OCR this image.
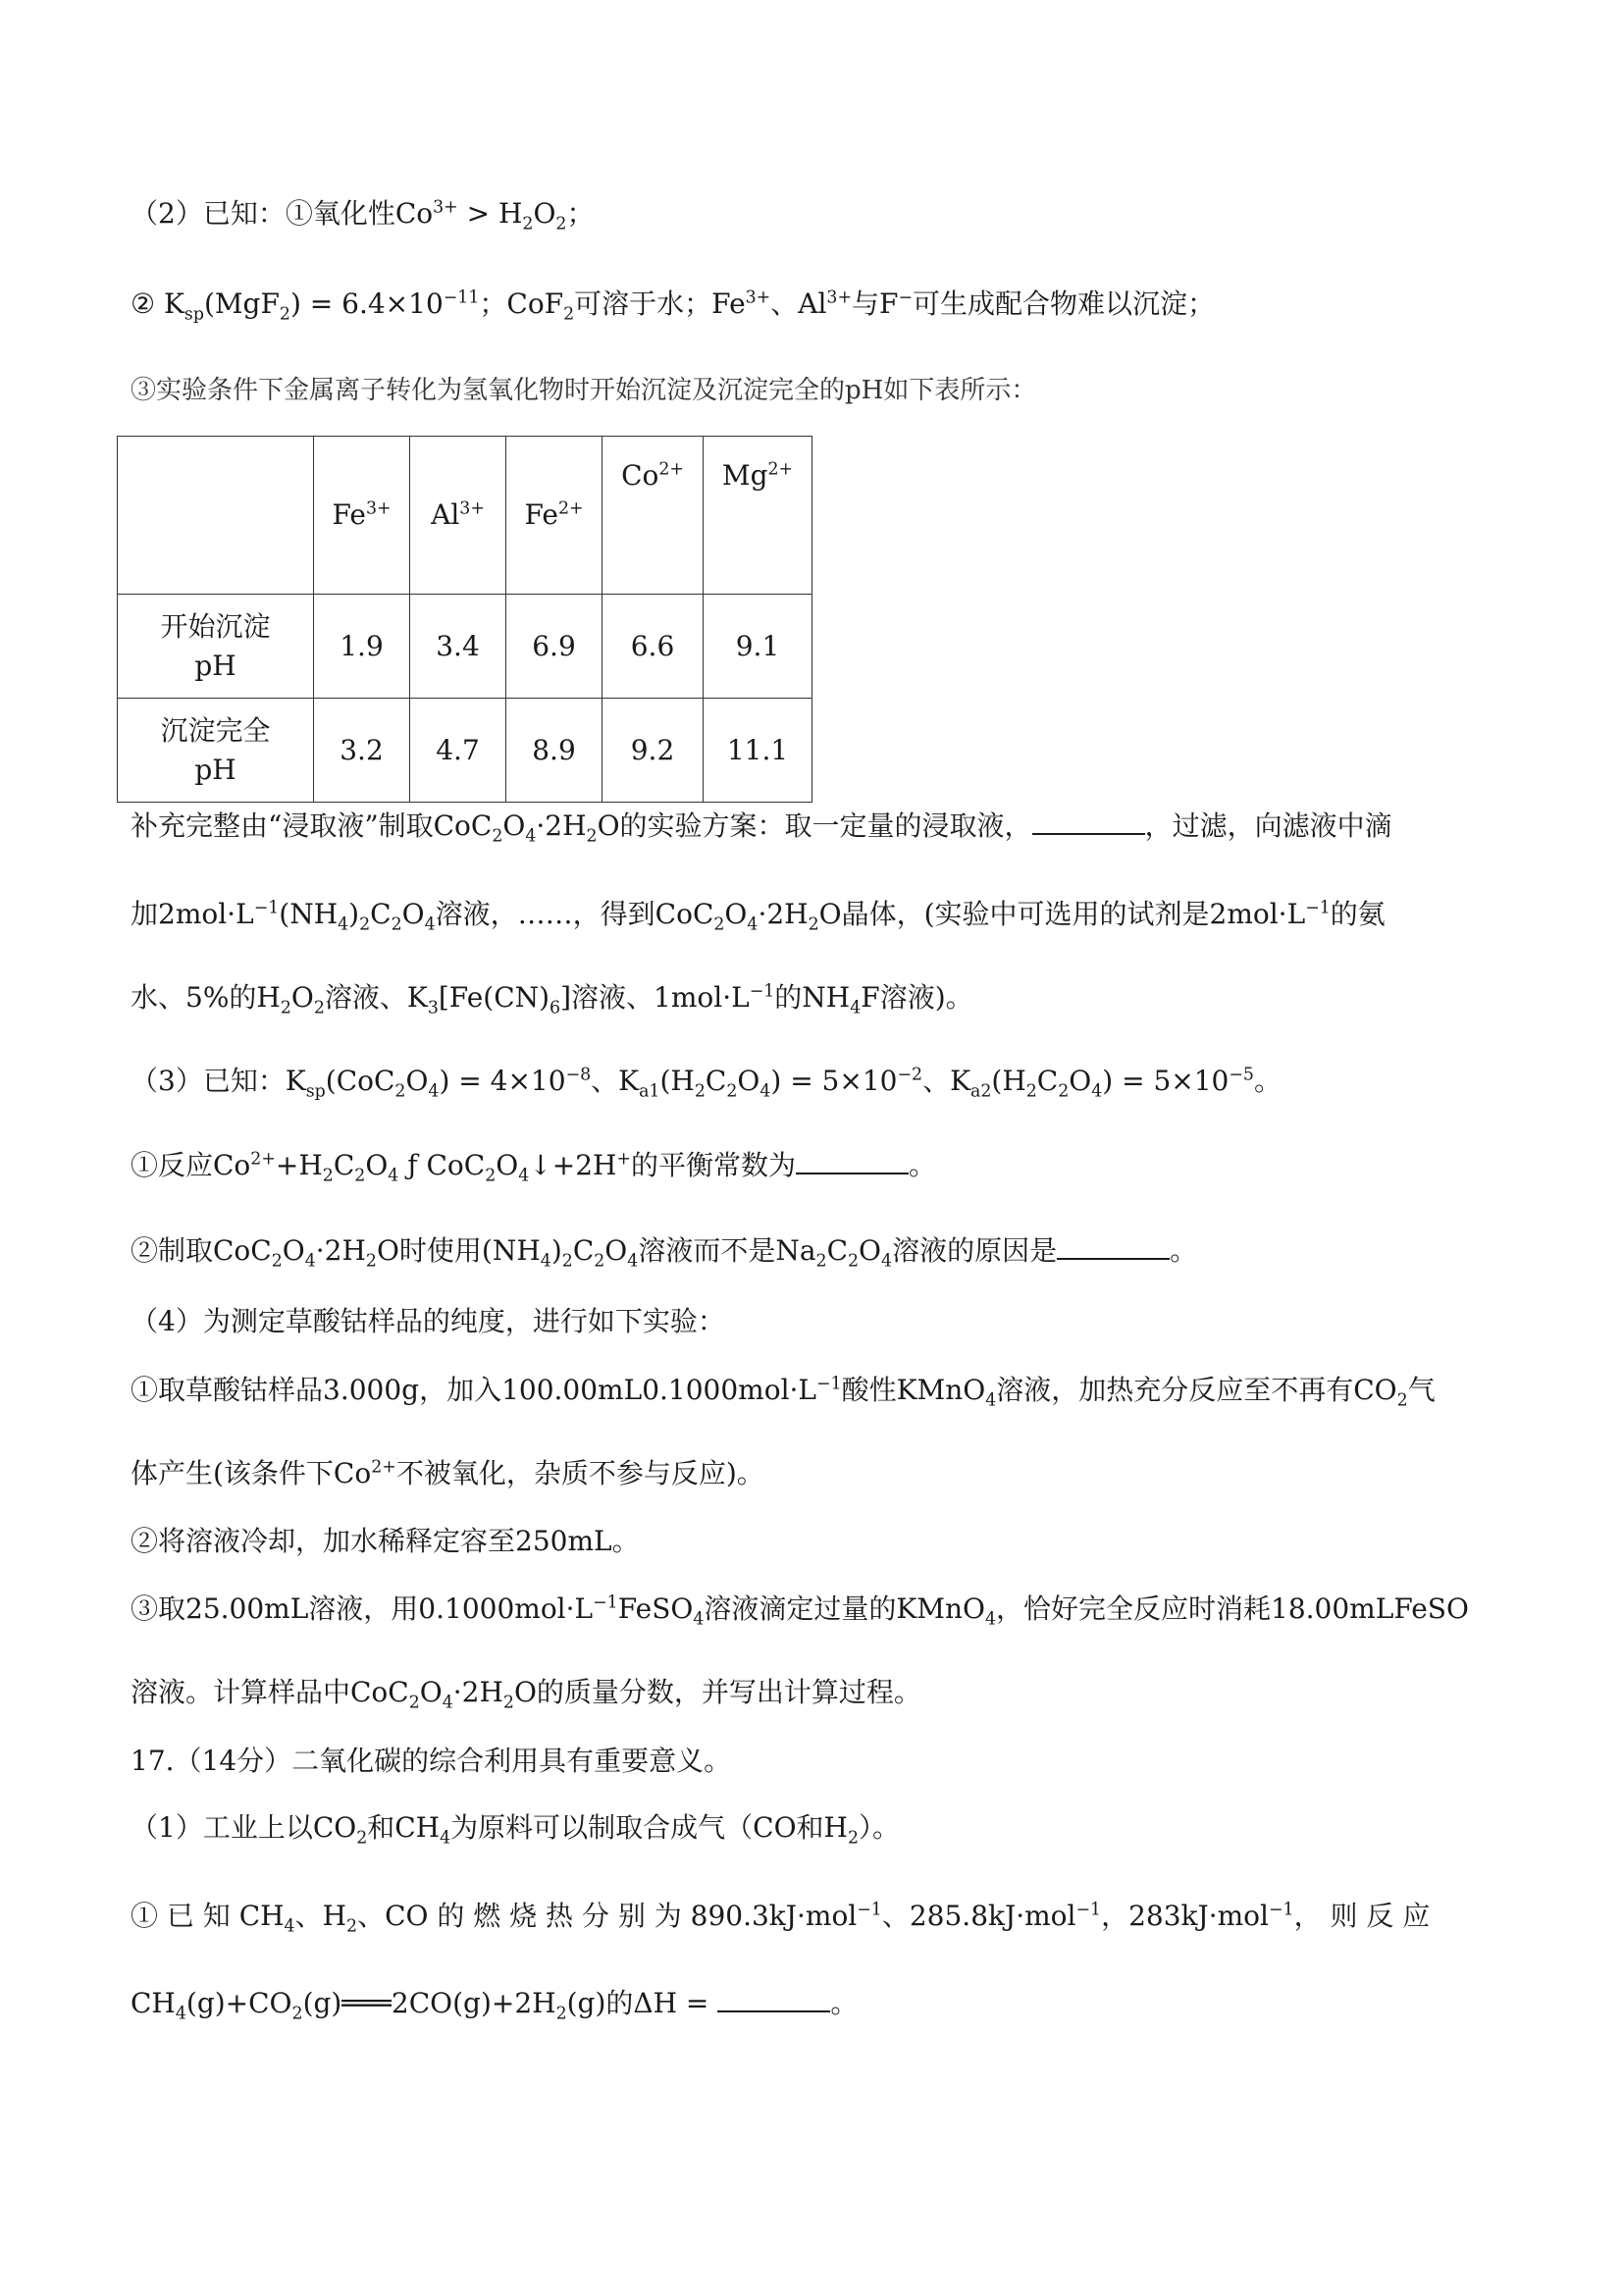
（2）已知：①氧化性$Co^{3+} > H_2O_2$；
② $K_{sp}(MgF_2) = 6.4\times 10^{-11}$；CoF$_2$可溶于水；$Fe^{3+}$、$Al^{3+}$与F−可生成配合物难以沉淀；
③实验条件下金属离子转化为氢氧化物时开始沉淀及沉淀完全的pH如下表所示：
	$Fe^{3+}$	$Al^{3+}$	$Fe^{2+}$	$Co^{2+}$	$Mg^{2+}$

开始沉淀
pH	1.9	3.4	6.9	6.6	9.1

沉淀完全
pH	3.2	4.7	8.9	9.2	11.1
补充完整由“浸取液”制取$CoC_2O_4\cdot 2H_2O$的实验方案：取一定量的浸取液，	，过滤，向滤液中滴
加$2mol\cdot L^{-1}(NH_4)_2C_2O_4$溶液，……，得到$CoC_2O_4\cdot 2H_2O$晶体，(实验中可选用的试剂是$2mol\cdot L^{-1}$的氨
水、5%的$H_2O_2$溶液、$K_3[Fe(CN)_6]$溶液、$1mol\cdot L^{-1}$的$NH_4F$溶液)。
（3）已知：$K_{sp}(CoC_2O_4) = 4\times 10^{-8}$、$K_{a1}(H_2C_2O_4) = 5\times 10^{-2}$、$K_{a2}(H_2C_2O_4) = 5\times 10^{-5}$。
①反应$Co^{2+}+H_2C_2O_4$ ƒ $CoC_2O_4↓+2H^+$的平衡常数为	。
②制取$CoC_2O_4\cdot 2H_2O$时使用$(NH_4)_2C_2O_4$溶液而不是$Na_2C_2O_4$溶液的原因是	。
（4）为测定草酸钴样品的纯度，进行如下实验：
①取草酸钴样品3.000g，加入$100.00mL0.1000mol\cdot L^{-1}$酸性KMnO$_4$溶液，加热充分反应至不再有$CO_2$气
体产生(该条件下$Co^{2+}$不被氧化，杂质不参与反应)。
②将溶液冷却，加水稀释定容至250mL。
③取25.00mL溶液，用$0.1000mol\cdot L^{-1}FeSO_4$溶液滴定过量的KMnO$_4$，恰好完全反应时消耗18.00mLFeSO
溶液。计算样品中$CoC_2O_4\cdot 2H_2O$的质量分数，并写出计算过程。
17.（14分）二氧化碳的综合利用具有重要意义。
（1）工业上以$CO_2$和$CH_4$为原料可以制取合成气（CO和$H_2$）。
① 已 知 $CH_4$、$H_2$、CO 的 燃 烧 热 分 别 为 890.3kJ·mol$^{-1}$、285.8kJ·mol$^{-1}$，283kJ·mol$^{-1}$， 则 反 应
$CH_4(g)+CO_2(g)═══2CO(g)+2H_2(g)$的ΔH =	。
